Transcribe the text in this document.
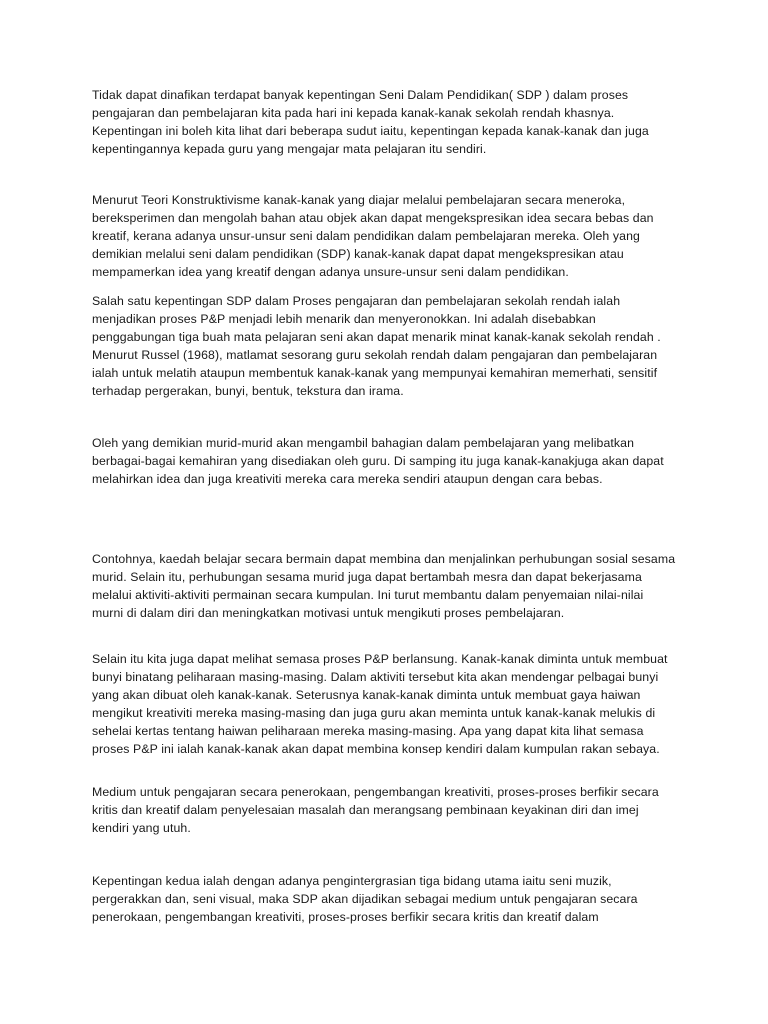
Tidak dapat dinafikan terdapat banyak kepentingan Seni Dalam Pendidikan( SDP ) dalam proses pengajaran dan pembelajaran kita pada hari ini kepada kanak-kanak sekolah rendah khasnya. Kepentingan ini boleh kita lihat dari beberapa sudut iaitu, kepentingan kepada kanak-kanak dan juga kepentingannya kepada guru yang mengajar mata pelajaran itu sendiri.

Menurut Teori Konstruktivisme kanak-kanak yang diajar melalui pembelajaran secara meneroka, bereksperimen dan mengolah bahan atau objek akan dapat mengekspresikan idea secara bebas dan kreatif, kerana adanya unsur-unsur seni dalam pendidikan dalam pembelajaran mereka. Oleh yang demikian melalui seni dalam pendidikan (SDP) kanak-kanak dapat dapat mengekspresikan atau mempamerkan idea yang kreatif dengan adanya unsure-unsur seni dalam pendidikan.

Salah satu kepentingan SDP dalam Proses pengajaran dan pembelajaran sekolah rendah ialah menjadikan proses P&P menjadi lebih menarik dan menyeronokkan. Ini adalah disebabkan penggabungan tiga buah mata pelajaran seni akan dapat menarik minat kanak-kanak sekolah rendah . Menurut Russel (1968), matlamat sesorang guru sekolah rendah dalam pengajaran dan pembelajaran ialah untuk melatih ataupun membentuk kanak-kanak yang mempunyai kemahiran memerhati, sensitif terhadap pergerakan, bunyi, bentuk, tekstura dan irama.

Oleh yang demikian murid-murid akan mengambil bahagian dalam pembelajaran yang melibatkan berbagai-bagai kemahiran yang disediakan oleh guru. Di samping itu juga kanak-kanakjuga akan dapat melahirkan idea dan juga kreativiti mereka cara mereka sendiri ataupun dengan cara bebas.

Contohnya, kaedah belajar secara bermain dapat membina dan menjalinkan perhubungan sosial sesama murid. Selain itu, perhubungan sesama murid juga dapat bertambah mesra dan dapat bekerjasama melalui aktiviti-aktiviti permainan secara kumpulan. Ini turut membantu dalam penyemaian nilai-nilai murni di dalam diri dan meningkatkan motivasi untuk mengikuti proses pembelajaran.

Selain itu kita juga dapat melihat semasa proses P&P berlansung. Kanak-kanak diminta untuk membuat bunyi binatang peliharaan masing-masing. Dalam aktiviti tersebut kita akan mendengar pelbagai bunyi yang akan dibuat oleh kanak-kanak. Seterusnya kanak-kanak diminta untuk membuat gaya haiwan mengikut kreativiti mereka masing-masing dan juga guru akan meminta untuk kanak-kanak melukis di sehelai kertas tentang haiwan peliharaan mereka masing-masing. Apa yang dapat kita lihat semasa proses P&P ini ialah kanak-kanak akan dapat membina konsep kendiri dalam kumpulan rakan sebaya.

Medium untuk pengajaran secara penerokaan, pengembangan kreativiti, proses-proses berfikir secara kritis dan kreatif dalam penyelesaian masalah dan merangsang pembinaan keyakinan diri dan imej kendiri yang utuh.

Kepentingan kedua ialah dengan adanya pengintergrasian tiga bidang utama iaitu seni muzik, pergerakkan dan, seni visual, maka SDP akan dijadikan sebagai medium untuk pengajaran secara penerokaan, pengembangan kreativiti, proses-proses berfikir secara kritis dan kreatif dalam
